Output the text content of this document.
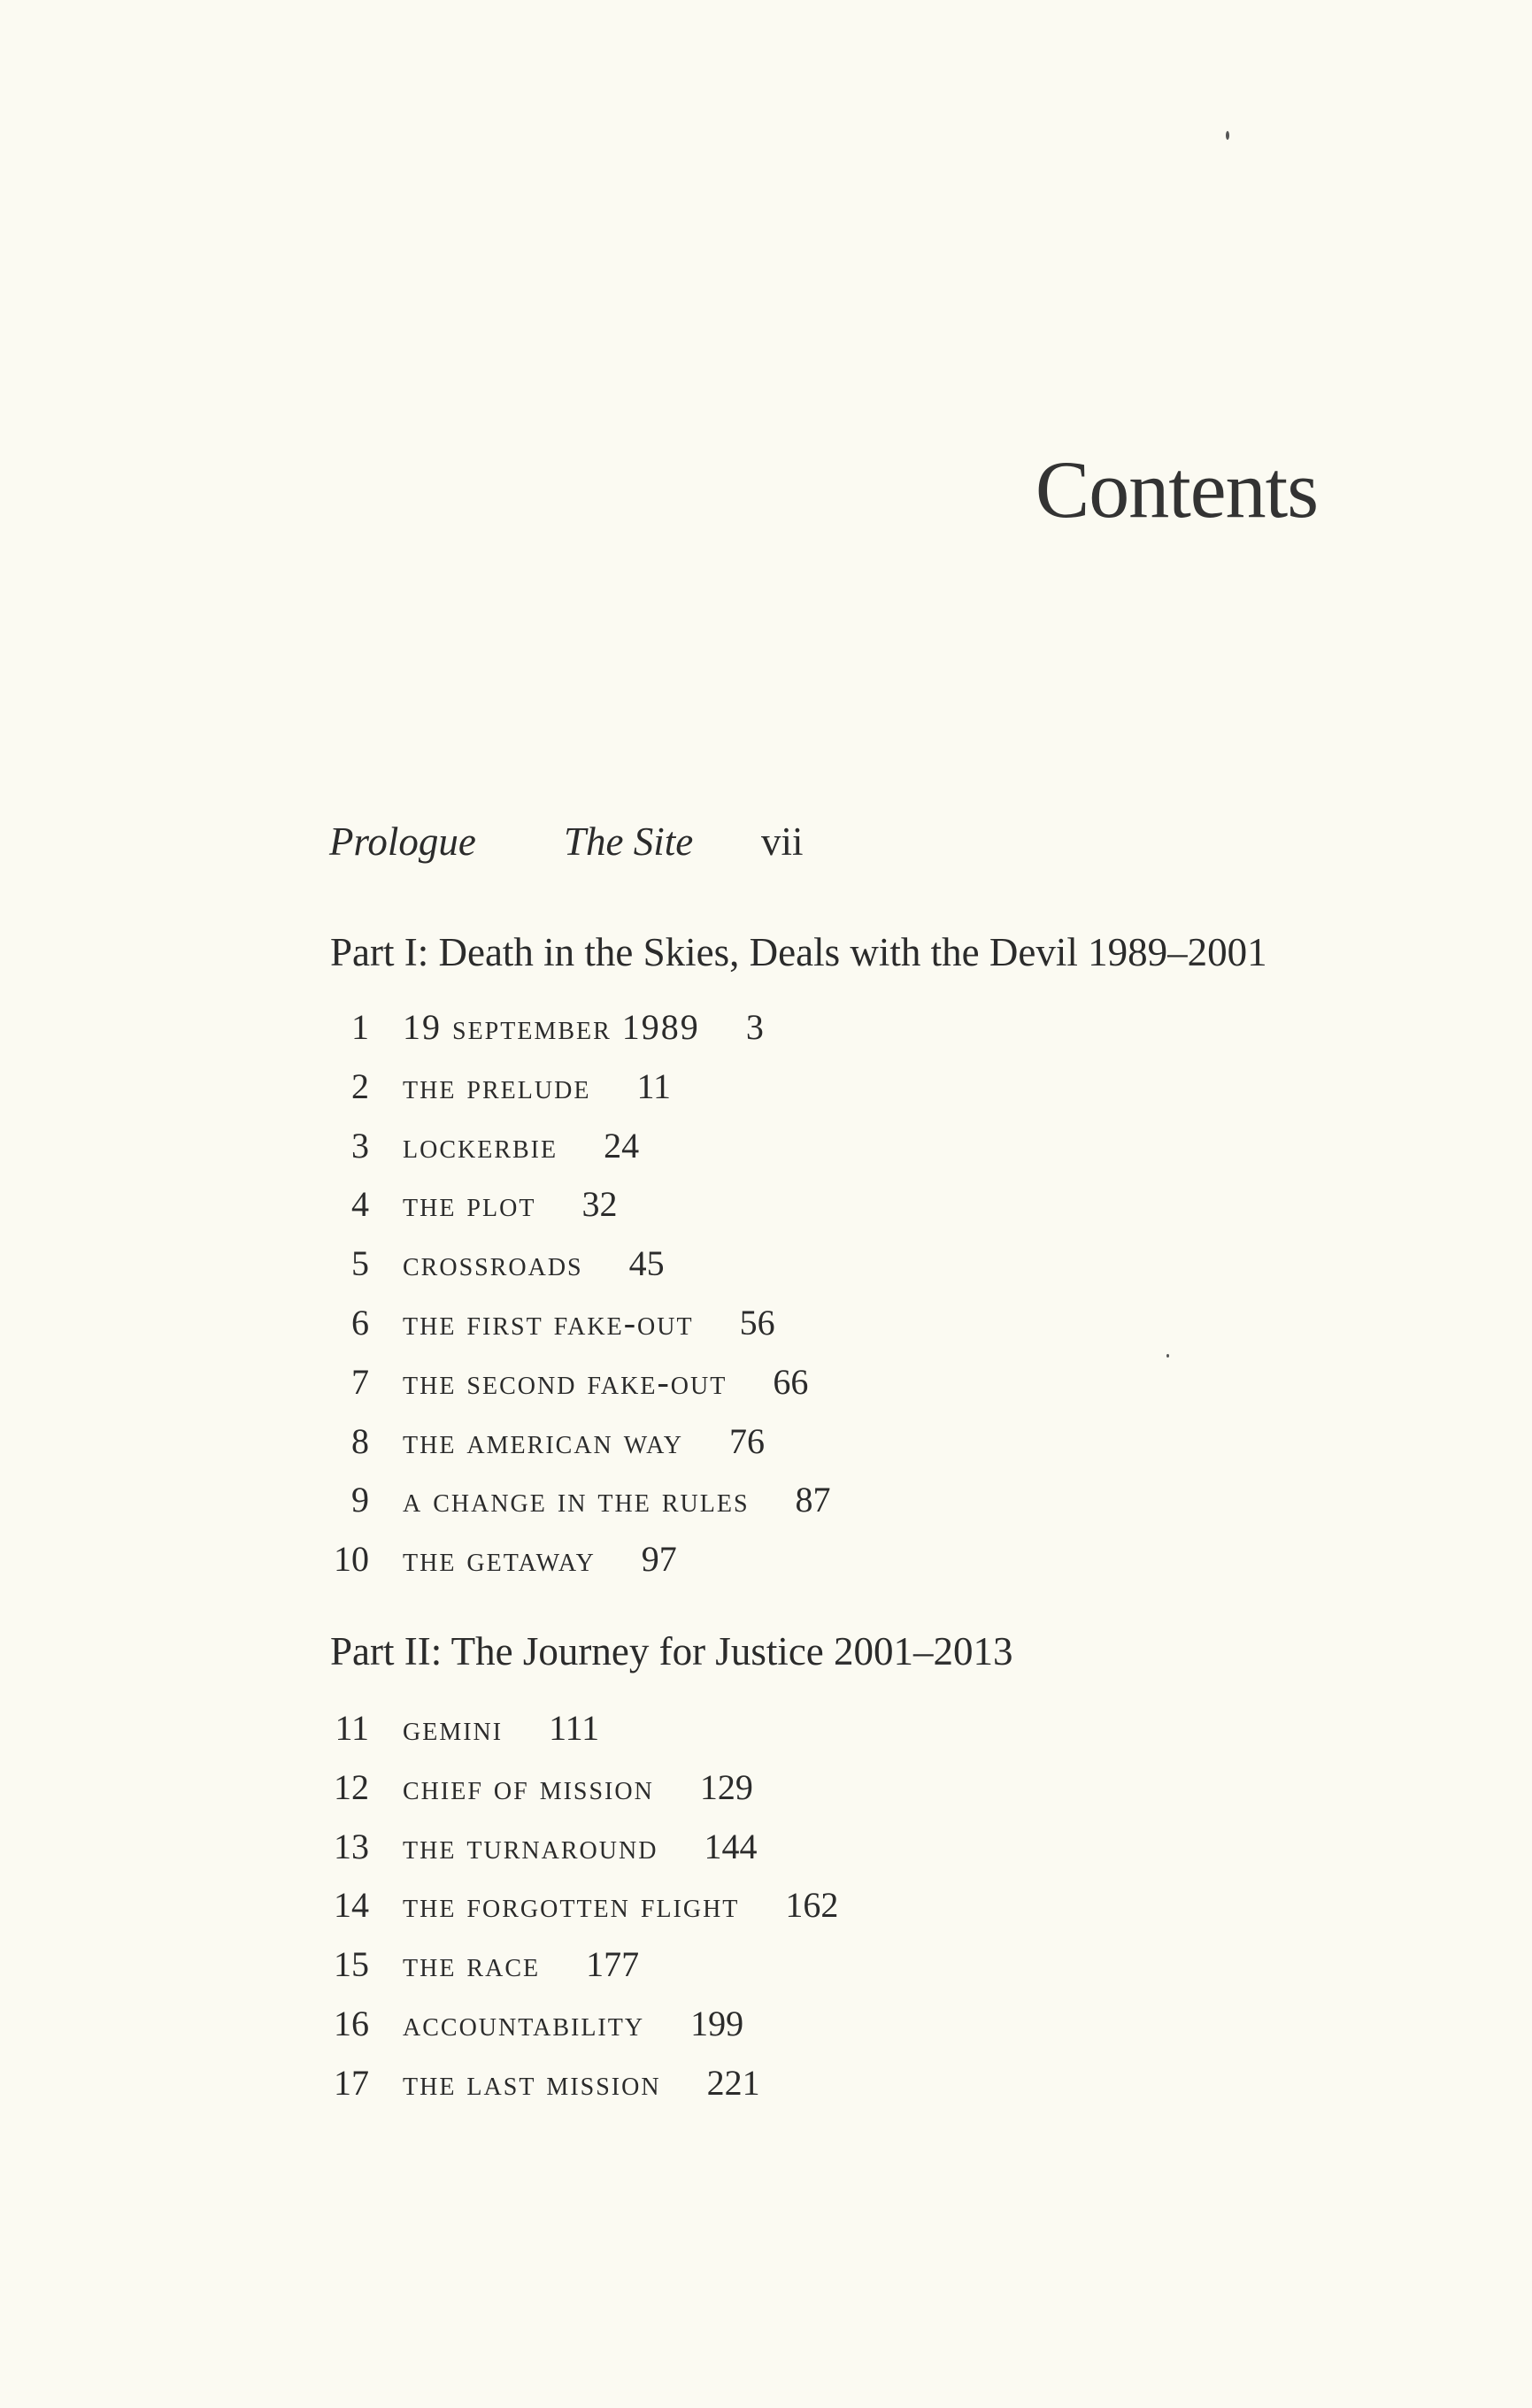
Contents
Prologue The Site vii
Part I: Death in the Skies, Deals with the Devil 1989–2001
1 19 september 1989 3
2 the prelude 11
3 lockerbie 24
4 the plot 32
5 crossroads 45
6 the first fake-out 56
7 the second fake-out 66
8 the american way 76
9 a change in the rules 87
10 the getaway 97
Part II: The Journey for Justice 2001–2013
11 gemini 111
12 chief of mission 129
13 the turnaround 144
14 the forgotten flight 162
15 the race 177
16 accountability 199
17 the last mission 221
